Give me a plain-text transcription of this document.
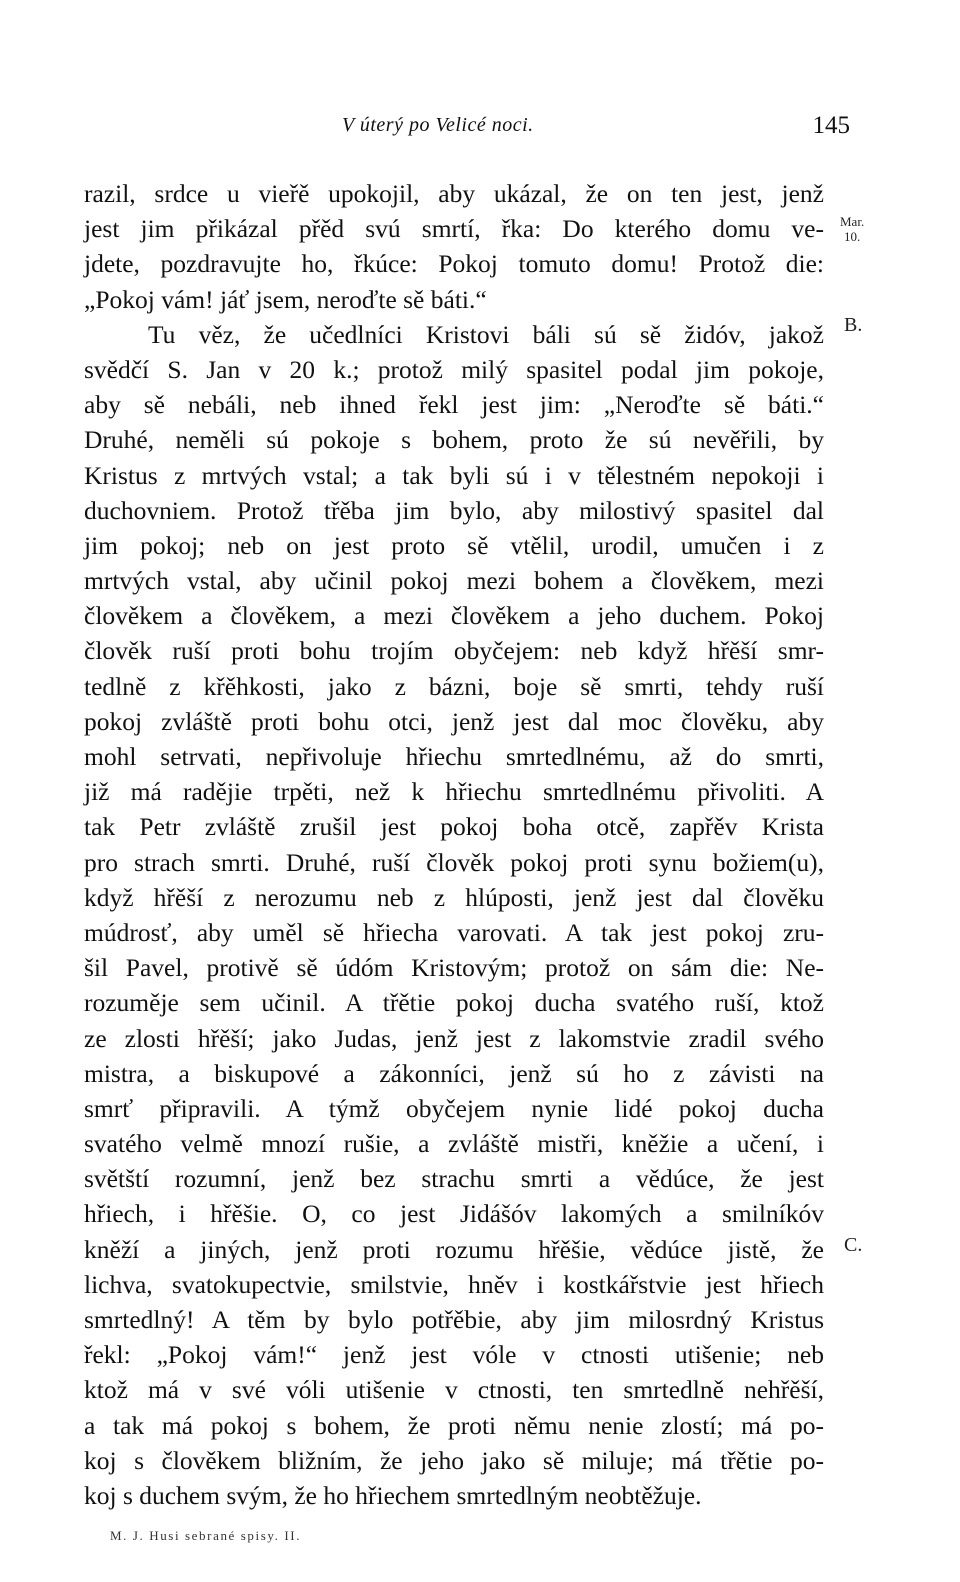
V úterý po Velicé noci.	145
Mar.
10.
B.
C.
razil, srdce u vieřě upokojil, aby ukázal, že on ten jest, jenž
jest jim přikázal přěd svú smrtí, řka: Do kterého domu ve-
jdete, pozdravujte ho, řkúce: Pokoj tomuto domu! Protož die:
„Pokoj vám! jáť jsem, neroďte sě báti.“
Tu věz, že učedlníci Kristovi báli sú sě židóv, jakož
svědčí S. Jan v 20 k.; protož milý spasitel podal jim pokoje,
aby sě nebáli, neb ihned řekl jest jim: „Neroďte sě báti.“
Druhé, neměli sú pokoje s bohem, proto že sú nevěřili, by
Kristus z mrtvých vstal; a tak byli sú i v tělestném nepokoji i
duchovniem. Protož třěba jim bylo, aby milostivý spasitel dal
jim pokoj; neb on jest proto sě vtělil, urodil, umučen i z
mrtvých vstal, aby učinil pokoj mezi bohem a člověkem, mezi
člověkem a člověkem, a mezi člověkem a jeho duchem. Pokoj
člověk ruší proti bohu trojím obyčejem: neb když hřěší smr-
tedlně z křěhkosti, jako z bázni, boje sě smrti, tehdy ruší
pokoj zvláště proti bohu otci, jenž jest dal moc člověku, aby
mohl setrvati, nepřivoluje hřiechu smrtedlnému, až do smrti,
již má radějie trpěti, než k hřiechu smrtedlnému přivoliti. A
tak Petr zvláště zrušil jest pokoj boha otcě, zapřěv Krista
pro strach smrti. Druhé, ruší člověk pokoj proti synu božiem(u),
když hřěší z nerozumu neb z hlúposti, jenž jest dal člověku
múdrosť, aby uměl sě hřiecha varovati. A tak jest pokoj zru-
šil Pavel, protivě sě údóm Kristovým; protož on sám die: Ne-
rozuměje sem učinil. A třětie pokoj ducha svatého ruší, ktož
ze zlosti hřěší; jako Judas, jenž jest z lakomstvie zradil svého
mistra, a biskupové a zákonníci, jenž sú ho z závisti na
smrť připravili. A týmž obyčejem nynie lidé pokoj ducha
svatého velmě mnozí rušie, a zvláště mistři, kněžie a učení, i
světští rozumní, jenž bez strachu smrti a vědúce, že jest
hřiech, i hřěšie. O, co jest Jidášóv lakomých a smilníkóv
kněží a jiných, jenž proti rozumu hřěšie, vědúce jistě, že
lichva, svatokupectvie, smilstvie, hněv i kostkářstvie jest hřiech
smrtedlný! A těm by bylo potřěbie, aby jim milosrdný Kristus
řekl: „Pokoj vám!“ jenž jest vóle v ctnosti utišenie; neb
ktož má v své vóli utišenie v ctnosti, ten smrtedlně nehřěší,
a tak má pokoj s bohem, že proti němu nenie zlostí; má po-
koj s člověkem bližním, že jeho jako sě miluje; má třětie po-
koj s duchem svým, že ho hřiechem smrtedlným neobtěžuje.
M. J. Husi sebrané spisy. II.
